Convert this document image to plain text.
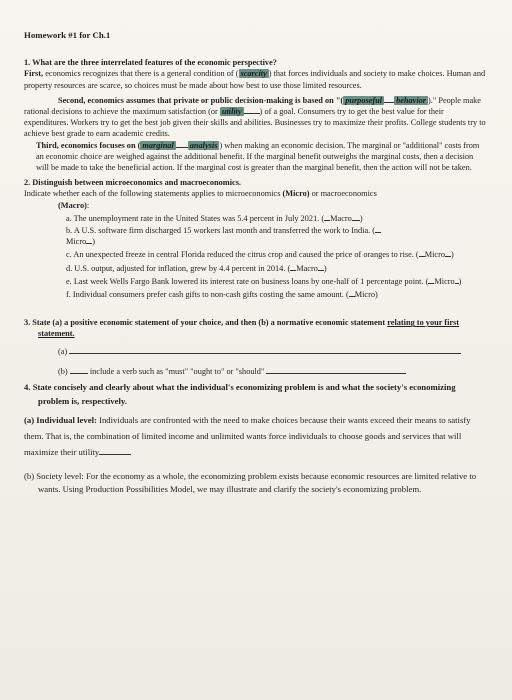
Homework #1 for Ch.1
1. What are the three interrelated features of the economic perspective?

First, economics recognizes that there is a general condition of ( scarcity ) that forces individuals and society to make choices. Human and property resources are scarce, so choices must be made about how best to use those limited resources.

Second, economics assumes that private or public decision-making is based on "( purposeful behavior )." People make rational decisions to achieve the maximum satisfaction (or utility ) of a goal. Consumers try to get the best value for their expenditures. Workers try to get the best job given their skills and abilities. Businesses try to maximize their profits. College students try to achieve best grade to earn academic credits.

Third, economics focuses on ( marginal analysis ) when making an economic decision. The marginal or "additional" costs from an economic choice are weighed against the additional benefit. If the marginal benefit outweighs the marginal costs, then a decision will be made to take the beneficial action. If the marginal cost is greater than the marginal benefit, then the action will not be taken.

2. Distinguish between microeconomics and macroeconomics.

Indicate whether each of the following statements applies to microeconomics (Micro) or macroeconomics
(Macro):

a. The unemployment rate in the United States was 5.4 percent in July 2021. ( Macro )
b. A U.S. software firm discharged 15 workers last month and transferred the work to India. (
Micro )
c. An unexpected freeze in central Florida reduced the citrus crop and caused the price of oranges to rise. ( Micro )
d. U.S. output, adjusted for inflation, grew by 4.4 percent in 2014. ( Macro )
e. Last week Wells Fargo Bank lowered its interest rate on business loans by one-half of 1 percentage point. ( Micro )
f. Individual consumers prefer cash gifts to non-cash gifts costing the same amount. ( Micro)
3. State (a) a positive economic statement of your choice, and then (b) a normative economic statement relating to your first statement.
(a)
(b)	include a verb such as "must" "ought to" or "should"
4. State concisely and clearly about what the individual's economizing problem is and what the society's economizing problem is, respectively.

(a) Individual level: Individuals are confronted with the need to make choices because their wants exceed their means to satisfy them. That is, the combination of limited income and unlimited wants force individuals to choose goods and services that will maximize their utility

(b) Society level: For the economy as a whole, the economizing problem exists because economic resources are limited relative to wants. Using Production Possibilities Model, we may illustrate and clarify the society's economizing problem.
